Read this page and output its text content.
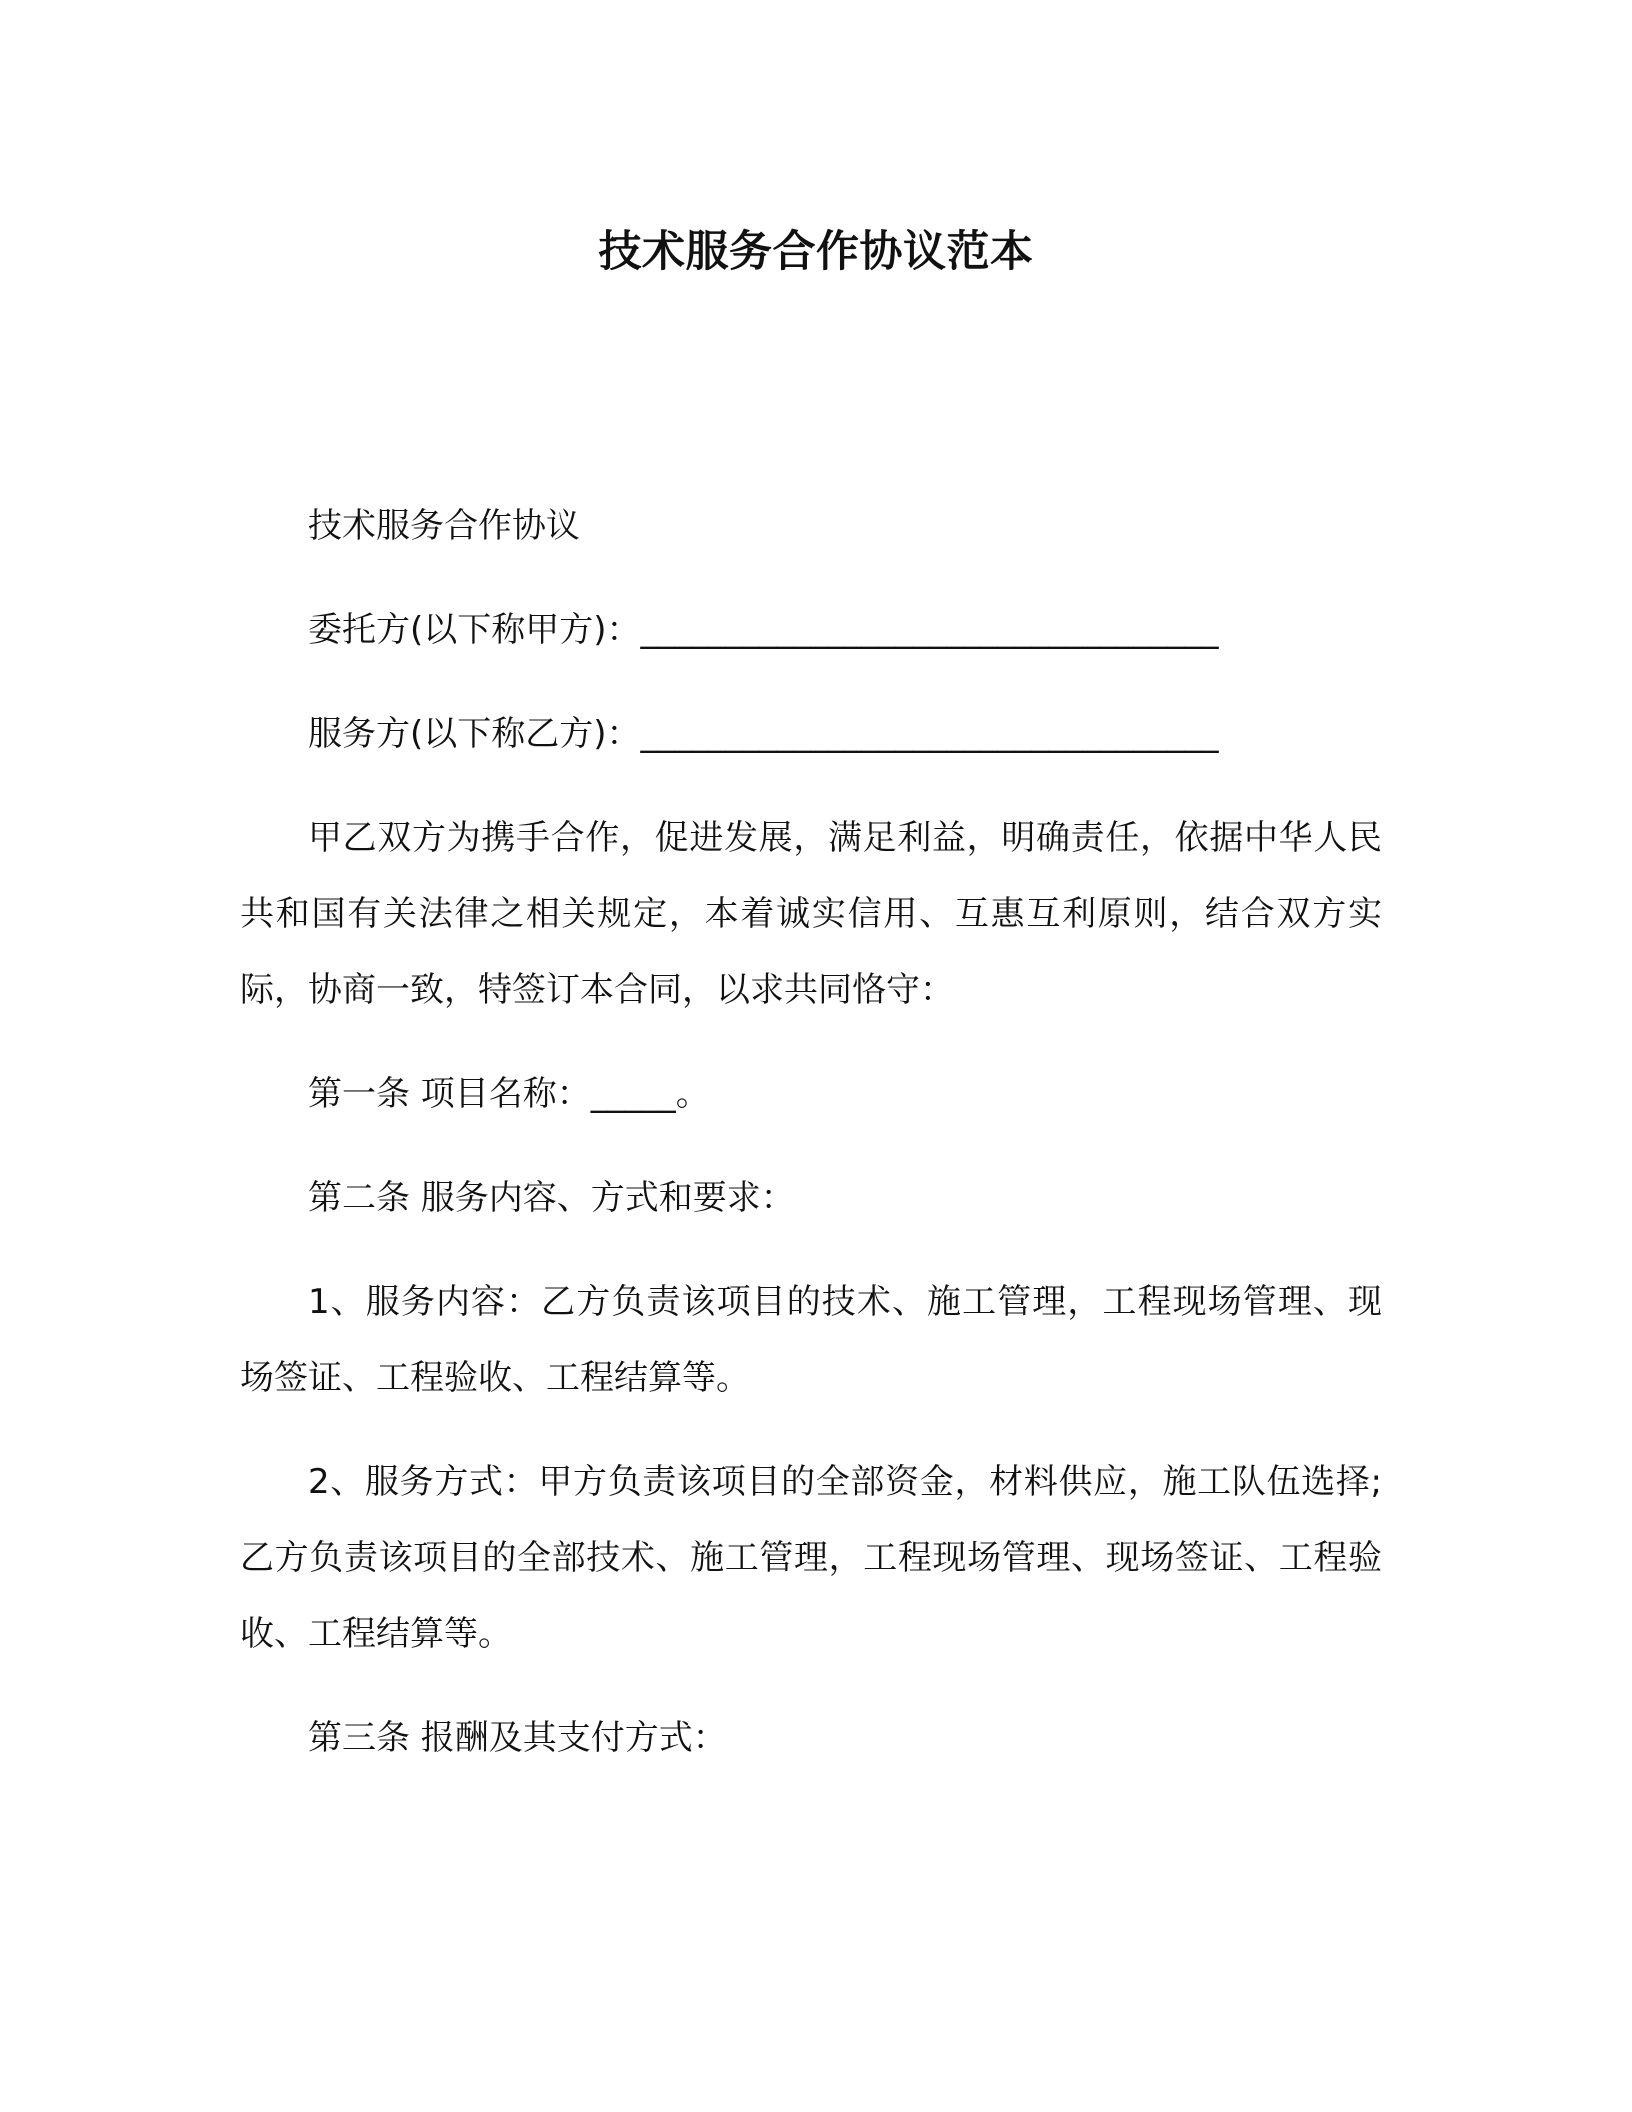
技术服务合作协议范本

技术服务合作协议

委托方(以下称甲方)：__________________________________

服务方(以下称乙方)：__________________________________

甲乙双方为携手合作，促进发展，满足利益，明确责任，依据中华人民共和国有关法律之相关规定，本着诚实信用、互惠互利原则，结合双方实际，协商一致，特签订本合同，以求共同恪守：

第一条 项目名称：_____。

第二条 服务内容、方式和要求：

1、服务内容：乙方负责该项目的技术、施工管理，工程现场管理、现场签证、工程验收、工程结算等。

2、服务方式：甲方负责该项目的全部资金，材料供应，施工队伍选择;乙方负责该项目的全部技术、施工管理，工程现场管理、现场签证、工程验收、工程结算等。

第三条 报酬及其支付方式：
